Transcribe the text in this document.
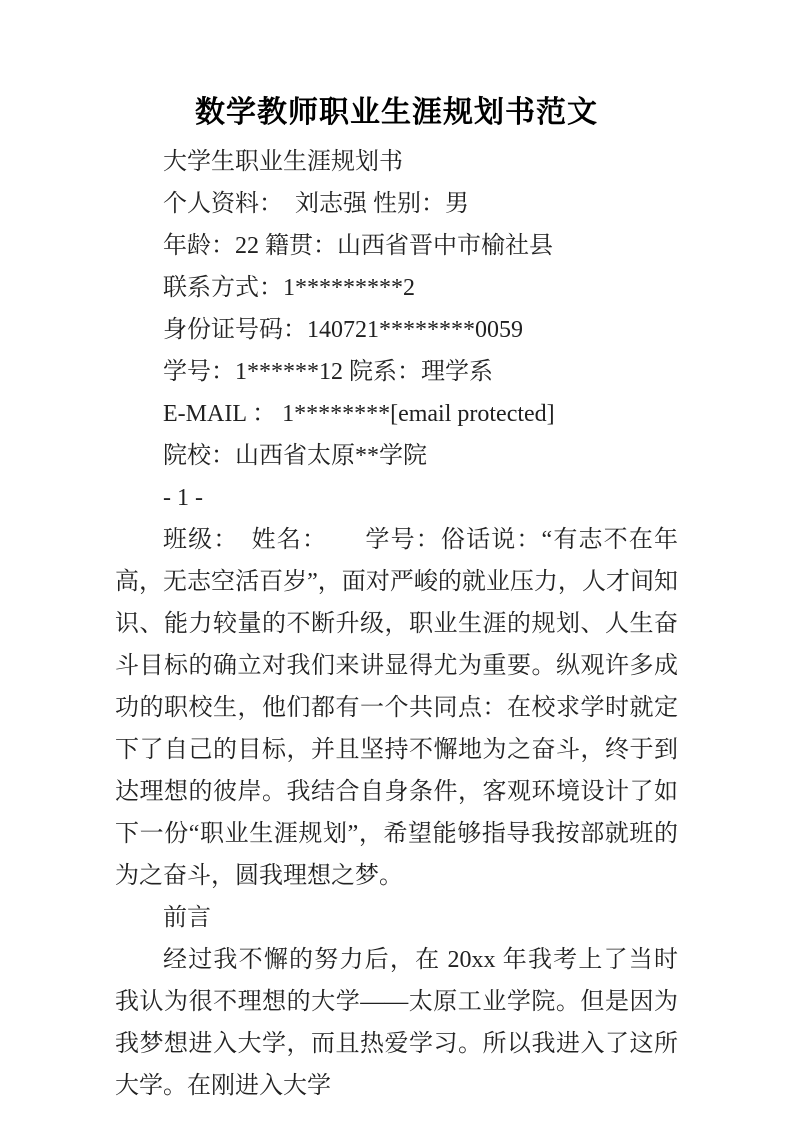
数学教师职业生涯规划书范文

大学生职业生涯规划书

个人资料：　刘志强 性别：男

年龄：22 籍贯：山西省晋中市榆社县

联系方式：1*********2

身份证号码：140721********0059

学号：1******12 院系：理学系

E-MAIL ： 1********[email protected]

院校：山西省太原**学院

- 1 -

班级：　姓名：　　学号：俗话说：“有志不在年高，无志空活百岁”，面对严峻的就业压力，人才间知识、能力较量的不断升级，职业生涯的规划、人生奋斗目标的确立对我们来讲显得尤为重要。纵观许多成功的职校生，他们都有一个共同点：在校求学时就定下了自己的目标，并且坚持不懈地为之奋斗，终于到达理想的彼岸。我结合自身条件，客观环境设计了如下一份“职业生涯规划”，希望能够指导我按部就班的为之奋斗，圆我理想之梦。

前言

经过我不懈的努力后，在 20xx 年我考上了当时我认为很不理想的大学——太原工业学院。但是因为我梦想进入大学，而且热爱学习。所以我进入了这所大学。在刚进入大学
